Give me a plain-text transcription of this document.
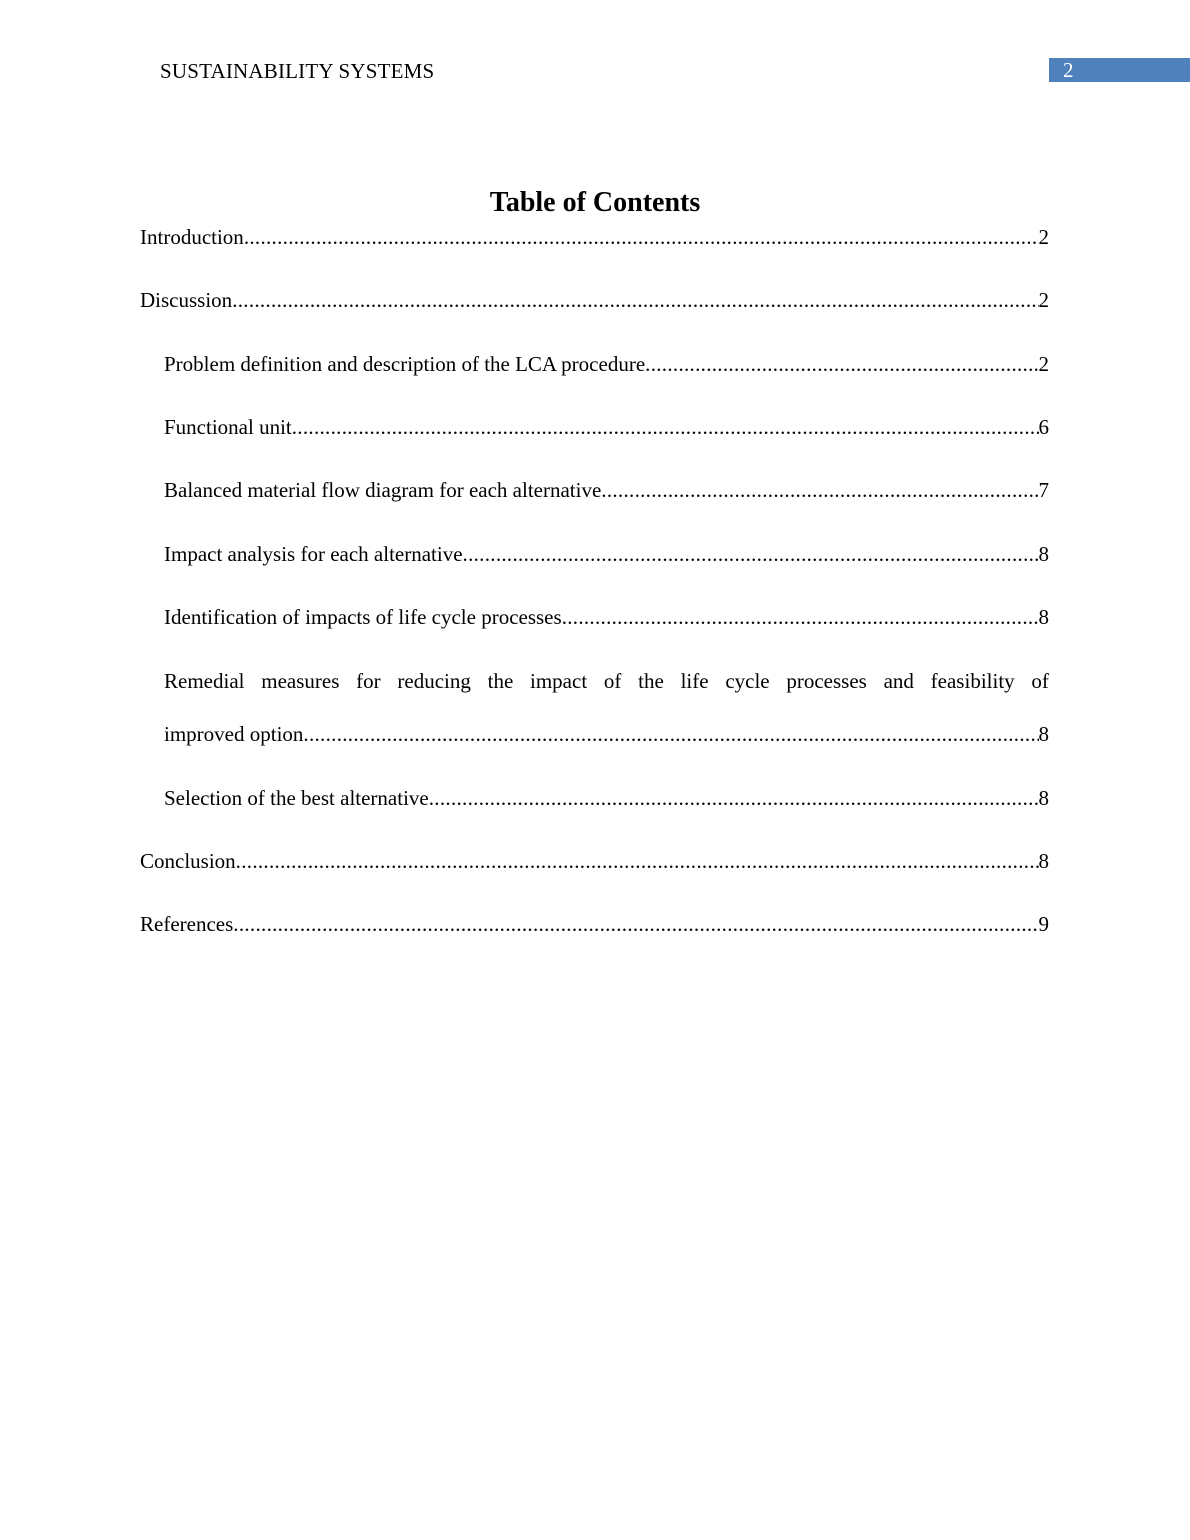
SUSTAINABILITY SYSTEMS	2
Table of Contents
Introduction .....	2
Discussion .....	2
Problem definition and description of the LCA procedure .....	2
Functional unit .....	6
Balanced material flow diagram for each alternative .....	7
Impact analysis for each alternative .....	8
Identification of impacts of life cycle processes .....	8
Remedial measures for reducing the impact of the life cycle processes and feasibility of
improved option .....	8
Selection of the best alternative .....	8
Conclusion .....	8
References .....	9
